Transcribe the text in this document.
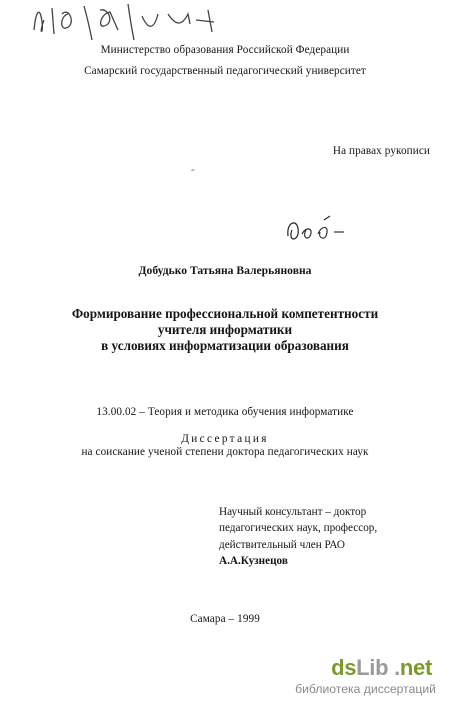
Министерство образования Российской Федерации
Самарский государственный педагогический университет
На правах рукописи
ˆ
Добудько Татьяна Валерьяновна
Формирование профессиональной компетентности
учителя информатики
в условиях информатизации образования
13.00.02 – Теория и методика обучения информатике
Диссертация
на соискание ученой степени доктора педагогических наук
Научный консультант – доктор
педагогических наук, профессор,
действительный член РАО
А.А.Кузнецов
Самара – 1999
dsLib .net
библиотека диссертаций
